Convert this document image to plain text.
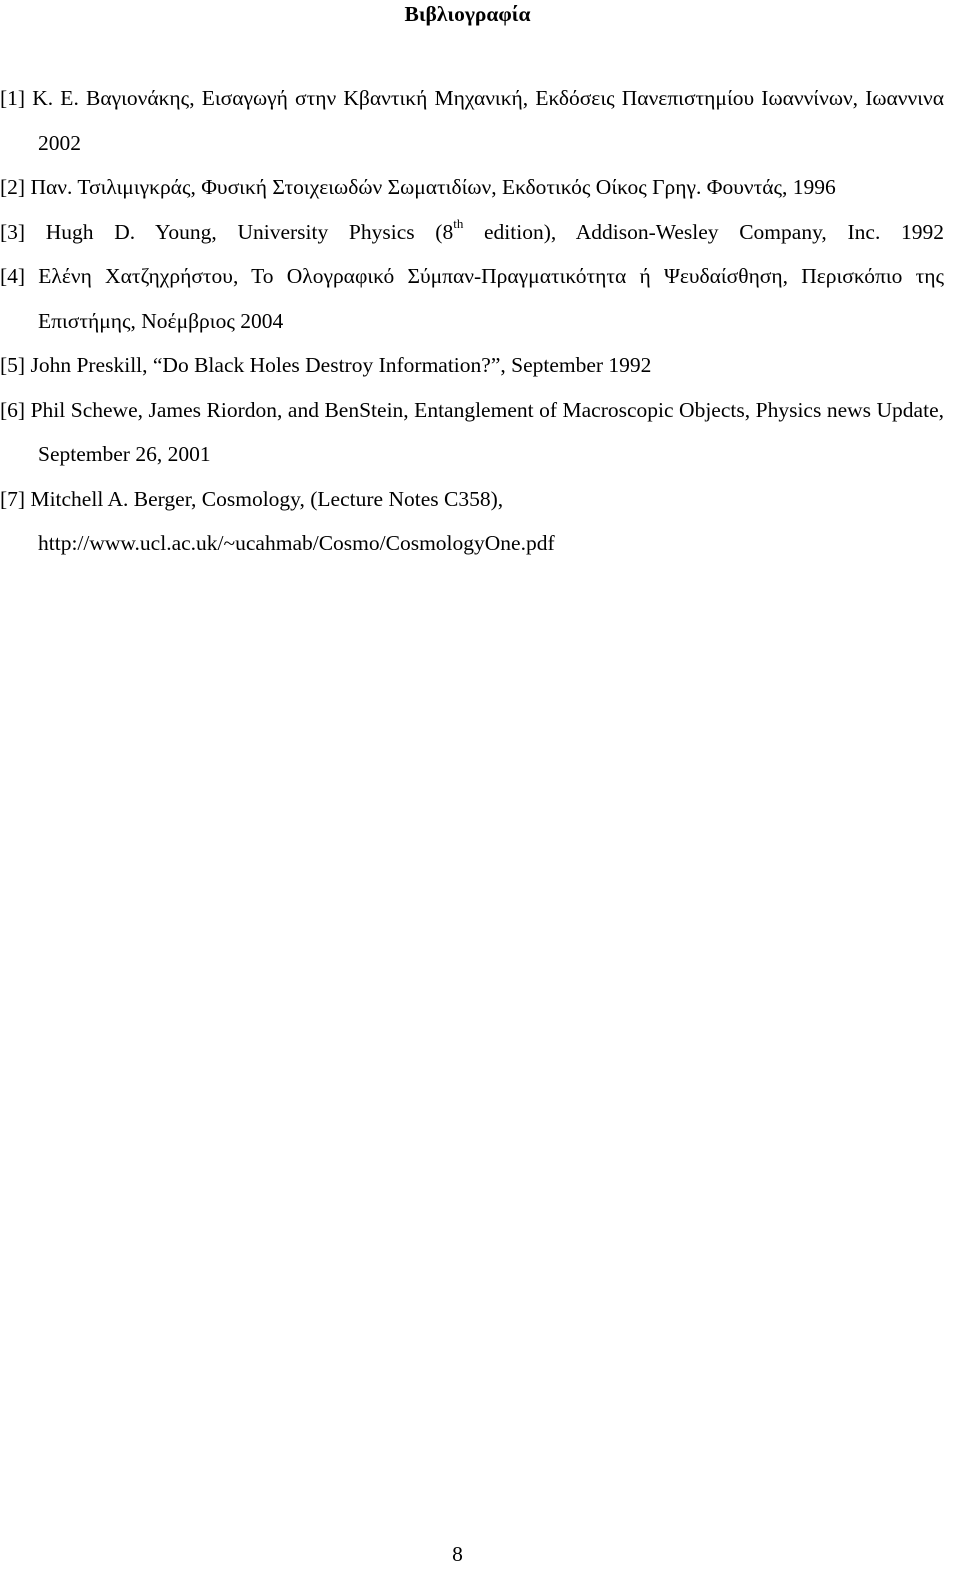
Βιβλιογραφία
[1] Κ. Ε. Βαγιονάκης, Εισαγωγή στην Κβαντική Μηχανική, Εκδόσεις Πανεπιστημίου Ιωαννίνων, Ιωαννινα 2002
[2] Παν. Τσιλιμιγκράς, Φυσική Στοιχειωδών Σωματιδίων, Εκδοτικός Οίκος Γρηγ. Φουντάς, 1996
[3] Hugh D. Young, University Physics (8th edition), Addison-Wesley Company, Inc. 1992
[4] Ελένη Χατζηχρήστου, Το Ολογραφικό Σύμπαν-Πραγματικότητα ή Ψευδαίσθηση, Περισκόπιο της Επιστήμης, Νοέμβριος 2004
[5] John Preskill, “Do Black Holes Destroy Information?”, September 1992
[6] Phil Schewe, James Riordon, and BenStein, Entanglement of Macroscopic Objects, Physics news Update, September 26, 2001
[7] Mitchell A. Berger, Cosmology, (Lecture Notes C358),
http://www.ucl.ac.uk/~ucahmab/Cosmo/CosmologyOne.pdf
8
